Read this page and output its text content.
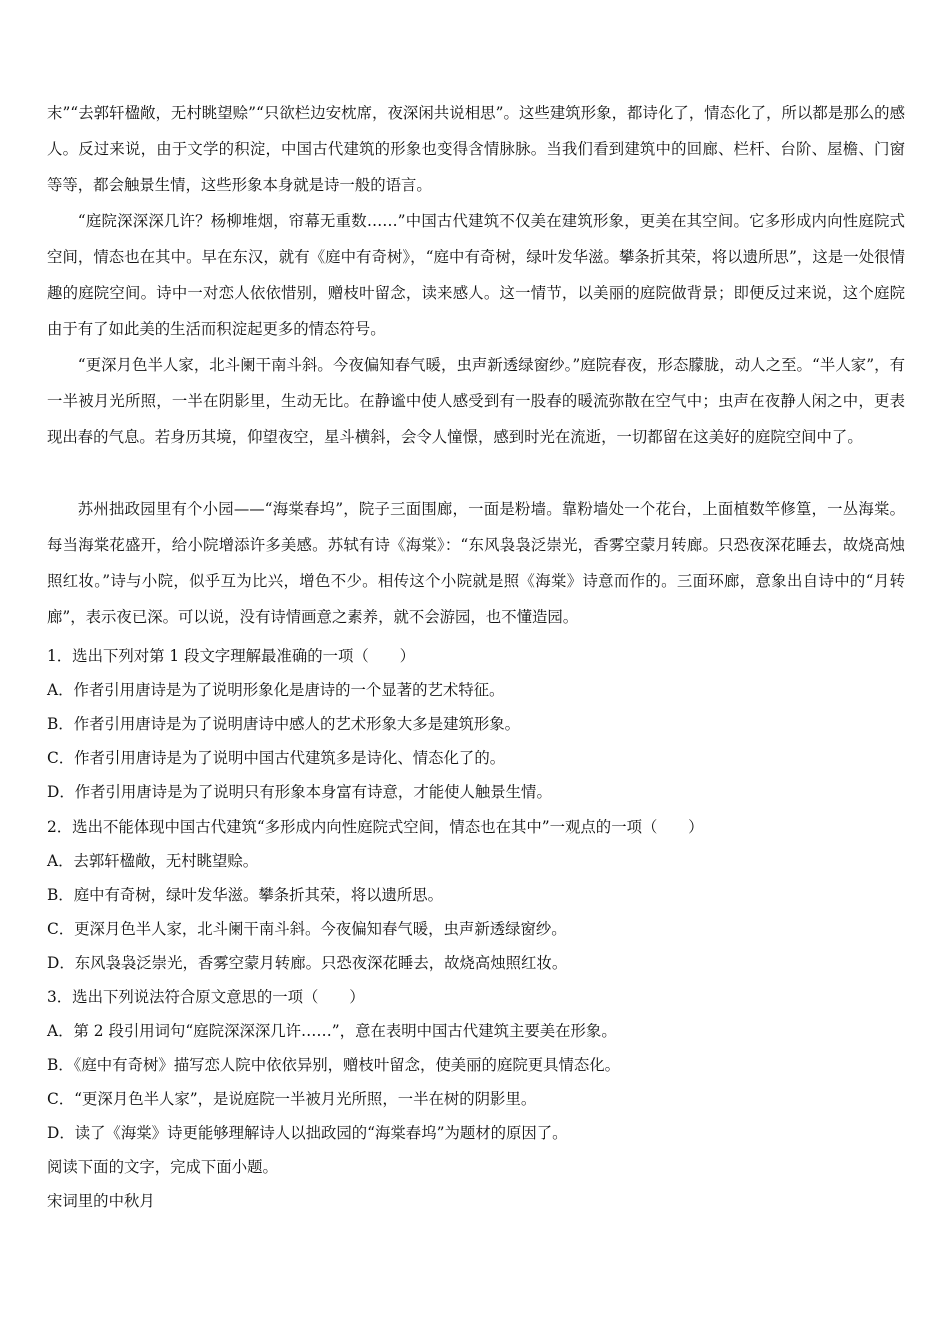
末”“去郭轩楹敞，无村眺望赊”“只欲栏边安枕席，夜深闲共说相思”。这些建筑形象，都诗化了，情态化了，所以都是那么的感人。反过来说，由于文学的积淀，中国古代建筑的形象也变得含情脉脉。当我们看到建筑中的回廊、栏杆、台阶、屋檐、门窗等等，都会触景生情，这些形象本身就是诗一般的语言。

“庭院深深深几许？杨柳堆烟，帘幕无重数……”中国古代建筑不仅美在建筑形象，更美在其空间。它多形成内向性庭院式空间，情态也在其中。早在东汉，就有《庭中有奇树》，“庭中有奇树，绿叶发华滋。攀条折其荣，将以遗所思”，这是一处很情趣的庭院空间。诗中一对恋人依依惜别，赠枝叶留念，读来感人。这一情节，以美丽的庭院做背景；即便反过来说，这个庭院由于有了如此美的生活而积淀起更多的情态符号。

“更深月色半人家，北斗阑干南斗斜。今夜偏知春气暖，虫声新透绿窗纱。”庭院春夜，形态朦胧，动人之至。“半人家”，有一半被月光所照，一半在阴影里，生动无比。在静谧中使人感受到有一股春的暖流弥散在空气中；虫声在夜静人闲之中，更表现出春的气息。若身历其境，仰望夜空，星斗横斜，会令人憧憬，感到时光在流逝，一切都留在这美好的庭院空间中了。

苏州拙政园里有个小园——“海棠春坞”，院子三面围廊，一面是粉墙。靠粉墙处一个花台，上面植数竿修篁，一丛海棠。每当海棠花盛开，给小院增添许多美感。苏轼有诗《海棠》：“东风袅袅泛崇光，香雾空蒙月转廊。只恐夜深花睡去，故烧高烛照红妆。”诗与小院，似乎互为比兴，增色不少。相传这个小院就是照《海棠》诗意而作的。三面环廊，意象出自诗中的“月转廊”，表示夜已深。可以说，没有诗情画意之素养，就不会游园，也不懂造园。

1．选出下列对第 1 段文字理解最准确的一项（　　）
A．作者引用唐诗是为了说明形象化是唐诗的一个显著的艺术特征。
B．作者引用唐诗是为了说明唐诗中感人的艺术形象大多是建筑形象。
C．作者引用唐诗是为了说明中国古代建筑多是诗化、情态化了的。
D．作者引用唐诗是为了说明只有形象本身富有诗意，才能使人触景生情。
2．选出不能体现中国古代建筑“多形成内向性庭院式空间，情态也在其中”一观点的一项（　　）
A．去郭轩楹敞，无村眺望赊。
B．庭中有奇树，绿叶发华滋。攀条折其荣，将以遗所思。
C．更深月色半人家，北斗阑干南斗斜。今夜偏知春气暖，虫声新透绿窗纱。
D．东风袅袅泛崇光，香雾空蒙月转廊。只恐夜深花睡去，故烧高烛照红妆。
3．选出下列说法符合原文意思的一项（　　）
A．第 2 段引用词句“庭院深深深几许……”，意在表明中国古代建筑主要美在形象。
B．《庭中有奇树》描写恋人院中依依异别，赠枝叶留念，使美丽的庭院更具情态化。
C．“更深月色半人家”，是说庭院一半被月光所照，一半在树的阴影里。
D．读了《海棠》诗更能够理解诗人以拙政园的“海棠春坞”为题材的原因了。
阅读下面的文字，完成下面小题。
宋词里的中秋月
